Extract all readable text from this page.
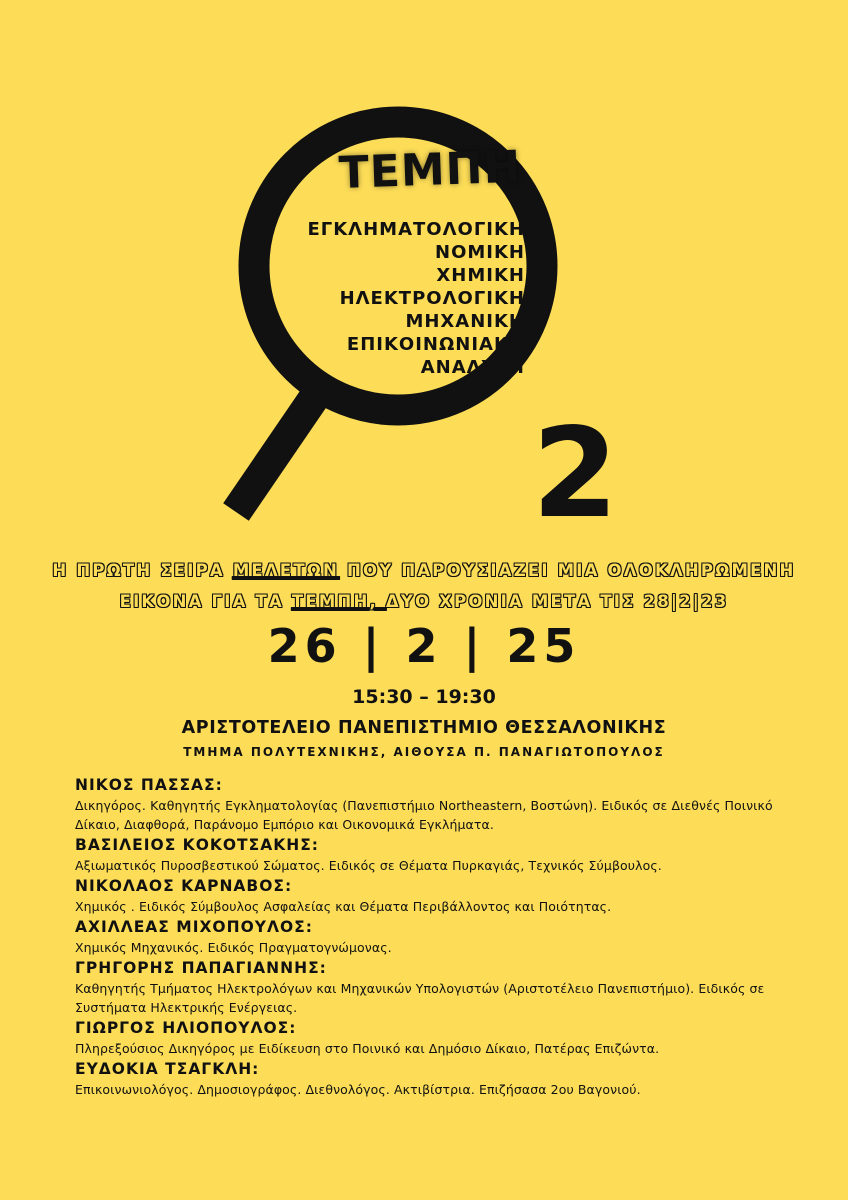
ΤΕΜΠΗ
ΕΓΚΛΗΜΑΤΟΛΟΓΙΚΗ
ΝΟΜΙΚΗ
ΧΗΜΙΚΗ
ΗΛΕΚΤΡΟΛΟΓΙΚΗ
ΜΗΧΑΝΙΚΗ
ΕΠΙΚΟΙΝΩΝΙΑΚΗ
ΑΝΑΛΥΣΗ
2
Η ΠΡΩΤΗ ΣΕΙΡΑ ΜΕΛΕΤΩΝ ΠΟΥ ΠΑΡΟΥΣΙΑΖΕΙ ΜΙΑ ΟΛΟΚΛΗΡΩΜΕΝΗ
ΕΙΚΟΝΑ ΓΙΑ ΤΑ ΤΕΜΠΗ, ΔΥΟ ΧΡΟΝΙΑ ΜΕΤΑ ΤΙΣ 28|2|23
26 | 2 | 25
15:30 – 19:30
ΑΡΙΣΤΟΤΕΛΕΙΟ ΠΑΝΕΠΙΣΤΗΜΙΟ ΘΕΣΣΑΛΟΝΙΚΗΣ
ΤΜΗΜΑ ΠΟΛΥΤΕΧΝΙΚΗΣ, ΑΙΘΟΥΣΑ Π. ΠΑΝΑΓΙΩΤΟΠΟΥΛΟΣ
ΝΙΚΟΣ ΠΑΣΣΑΣ:
Δικηγόρος. Καθηγητής Εγκληματολογίας (Πανεπιστήμιο Northeastern, Βοστώνη). Ειδικός σε Διεθνές Ποινικό Δίκαιο, Διαφθορά, Παράνομο Εμπόριο και Οικονομικά Εγκλήματα.
ΒΑΣΙΛΕΙΟΣ ΚΟΚΟΤΣΑΚΗΣ:
Αξιωματικός Πυροσβεστικού Σώματος. Ειδικός σε Θέματα Πυρκαγιάς, Τεχνικός Σύμβουλος.
ΝΙΚΟΛΑΟΣ ΚΑΡΝΑΒΟΣ:
Χημικός . Ειδικός Σύμβουλος Ασφαλείας και Θέματα Περιβάλλοντος και Ποιότητας.
ΑΧΙΛΛΕΑΣ ΜΙΧΟΠΟΥΛΟΣ:
Χημικός Μηχανικός. Ειδικός Πραγματογνώμονας.
ΓΡΗΓΟΡΗΣ ΠΑΠΑΓΙΑΝΝΗΣ:
Καθηγητής Τμήματος Ηλεκτρολόγων και Μηχανικών Υπολογιστών (Αριστοτέλειο Πανεπιστήμιο). Ειδικός σε Συστήματα Ηλεκτρικής Ενέργειας.
ΓΙΩΡΓΟΣ ΗΛΙΟΠΟΥΛΟΣ:
Πληρεξούσιος Δικηγόρος με Ειδίκευση στο Ποινικό και Δημόσιο Δίκαιο, Πατέρας Επιζώντα.
ΕΥΔΟΚΙΑ ΤΣΑΓΚΛΗ:
Επικοινωνιολόγος. Δημοσιογράφος. Διεθνολόγος. Ακτιβίστρια. Επιζήσασα 2ου Βαγονιού.
